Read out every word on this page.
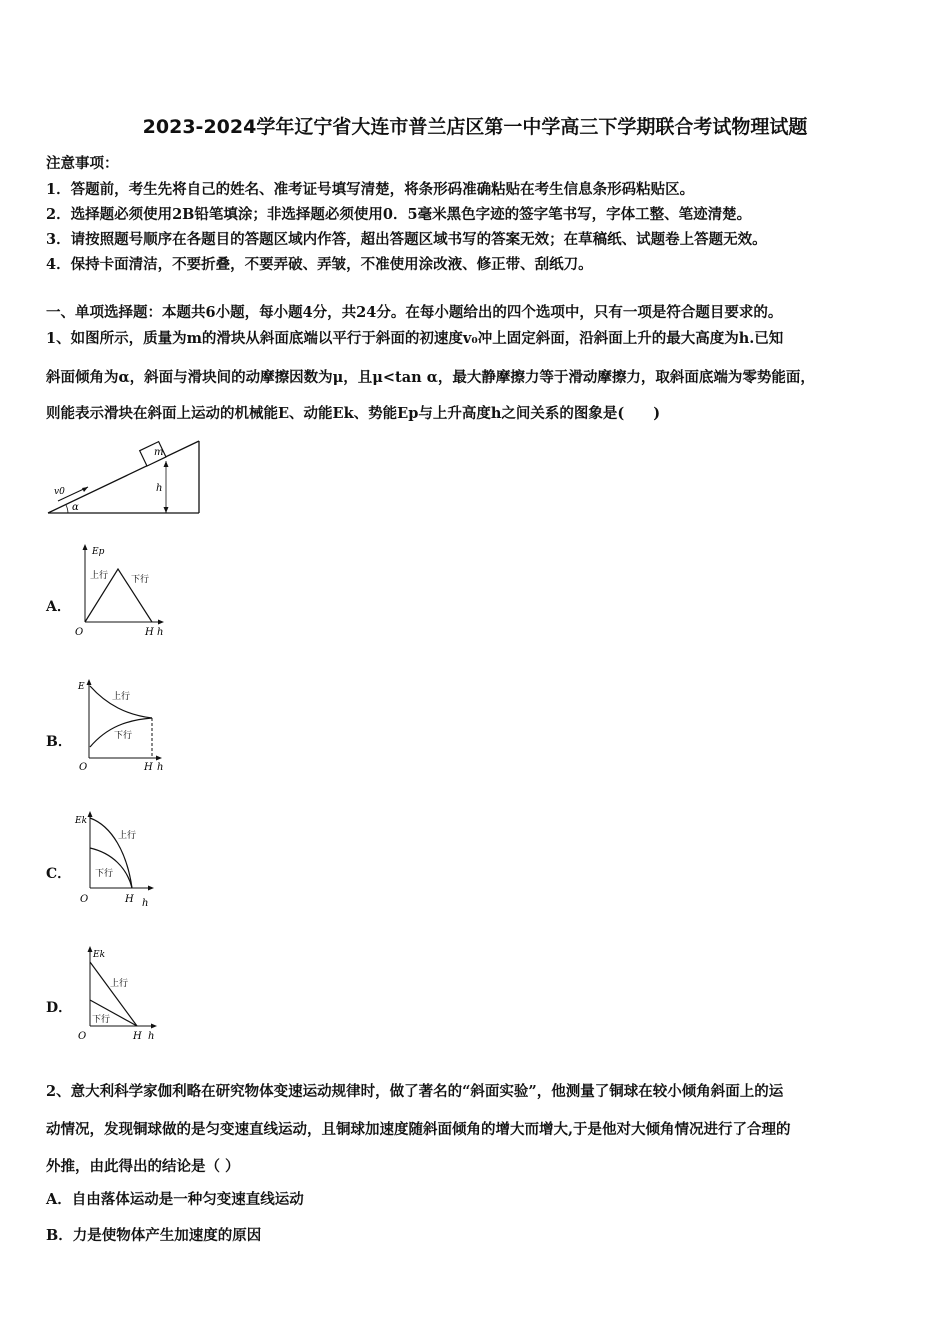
2023-2024学年辽宁省大连市普兰店区第一中学高三下学期联合考试物理试题
注意事项：
1．答题前，考生先将自己的姓名、准考证号填写清楚，将条形码准确粘贴在考生信息条形码粘贴区。
2．选择题必须使用2B铅笔填涂；非选择题必须使用0．5毫米黑色字迹的签字笔书写，字体工整、笔迹清楚。
3．请按照题号顺序在各题目的答题区域内作答，超出答题区域书写的答案无效；在草稿纸、试题卷上答题无效。
4．保持卡面清洁，不要折叠，不要弄破、弄皱，不准使用涂改液、修正带、刮纸刀。
一、单项选择题：本题共6小题，每小题4分，共24分。在每小题给出的四个选项中，只有一项是符合题目要求的。
1、如图所示，质量为m的滑块从斜面底端以平行于斜面的初速度v₀冲上固定斜面，沿斜面上升的最大高度为h.已知
斜面倾角为α，斜面与滑块间的动摩擦因数为μ，且μ<tan α，最大静摩擦力等于滑动摩擦力，取斜面底端为零势能面，
则能表示滑块在斜面上运动的机械能E、动能Ek、势能Ep与上升高度h之间关系的图象是(　　)
m
v0
α
h
A．
Ep
上行	下行
O	H h
B．
E
上行
下行
O	H h
C．
Ek
上行
下行
O	H h
D．
Ek
上行
下行
O	H h
2、意大利科学家伽利略在研究物体变速运动规律时，做了著名的“斜面实验”，他测量了铜球在较小倾角斜面上的运
动情况，发现铜球做的是匀变速直线运动，且铜球加速度随斜面倾角的增大而增大,于是他对大倾角情况进行了合理的
外推，由此得出的结论是（ ）
A．自由落体运动是一种匀变速直线运动
B．力是使物体产生加速度的原因
